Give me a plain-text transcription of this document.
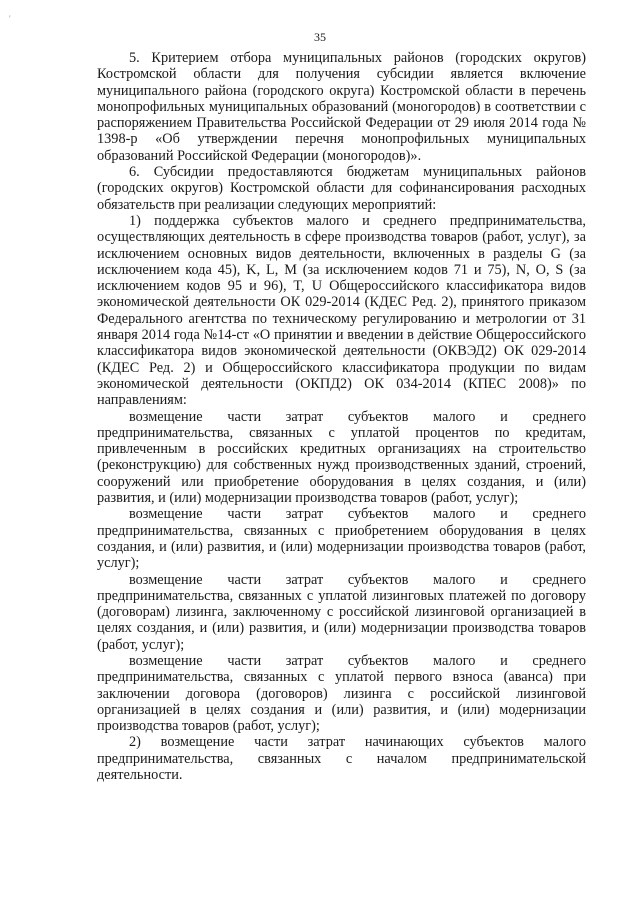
'
35

5. Критерием отбора муниципальных районов (городских округов) Костромской области для получения субсидии является включение муниципального района (городского округа) Костромской области в перечень монопрофильных муниципальных образований (моногородов) в соответствии с распоряжением Правительства Российской Федерации от 29 июля 2014 года № 1398-р «Об утверждении перечня монопрофильных муниципальных образований Российской Федерации (моногородов)».

6. Субсидии предоставляются бюджетам муниципальных районов (городских округов) Костромской области для софинансирования расходных обязательств при реализации следующих мероприятий:

1) поддержка субъектов малого и среднего предпринимательства, осуществляющих деятельность в сфере производства товаров (работ, услуг), за исключением основных видов деятельности, включенных в разделы G (за исключением кода 45), K, L, M (за исключением кодов 71 и 75), N, O, S (за исключением кодов 95 и 96), T, U Общероссийского классификатора видов экономической деятельности ОК 029-2014 (КДЕС Ред. 2), принятого приказом Федерального агентства по техническому регулированию и метрологии от 31 января 2014 года №14-ст «О принятии и введении в действие Общероссийского классификатора видов экономической деятельности (ОКВЭД2) ОК 029-2014 (КДЕС Ред. 2) и Общероссийского классификатора продукции по видам экономической деятельности (ОКПД2) ОК 034-2014 (КПЕС 2008)» по направлениям:

возмещение части затрат субъектов малого и среднего предпринимательства, связанных с уплатой процентов по кредитам, привлеченным в российских кредитных организациях на строительство (реконструкцию) для собственных нужд производственных зданий, строений, сооружений или приобретение оборудования в целях создания, и (или) развития, и (или) модернизации производства товаров (работ, услуг);

возмещение части затрат субъектов малого и среднего предпринимательства, связанных с приобретением оборудования в целях создания, и (или) развития, и (или) модернизации производства товаров (работ, услуг);

возмещение части затрат субъектов малого и среднего предпринимательства, связанных с уплатой лизинговых платежей по договору (договорам) лизинга, заключенному с российской лизинговой организацией в целях создания, и (или) развития, и (или) модернизации производства товаров (работ, услуг);

возмещение части затрат субъектов малого и среднего предпринимательства, связанных с уплатой первого взноса (аванса) при заключении договора (договоров) лизинга с российской лизинговой организацией в целях создания и (или) развития, и (или) модернизации производства товаров (работ, услуг);

2) возмещение части затрат начинающих субъектов малого предпринимательства, связанных с началом предпринимательской деятельности.
